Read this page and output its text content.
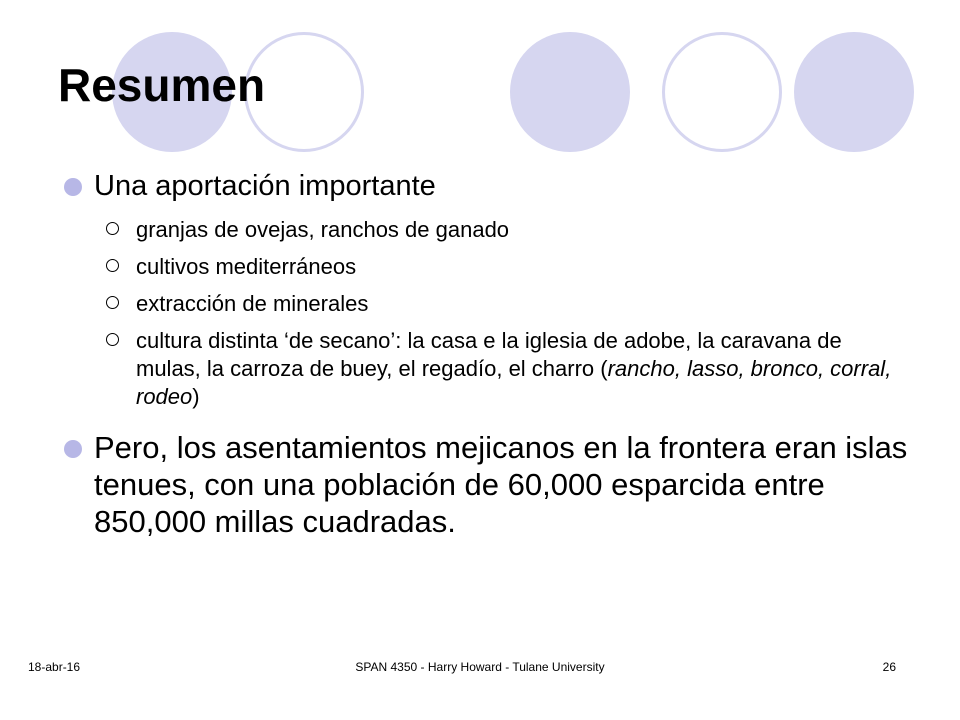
Resumen
Una aportación importante
granjas de ovejas, ranchos de ganado
cultivos mediterráneos
extracción de minerales
cultura distinta ‘de secano’: la casa e la iglesia de adobe, la caravana de mulas, la carroza de buey, el regadío, el charro (rancho, lasso, bronco, corral, rodeo)
Pero, los asentamientos mejicanos en la frontera eran islas tenues, con una población de 60,000 esparcida entre 850,000 millas cuadradas.
18-abr-16	SPAN 4350 - Harry Howard - Tulane University	26
